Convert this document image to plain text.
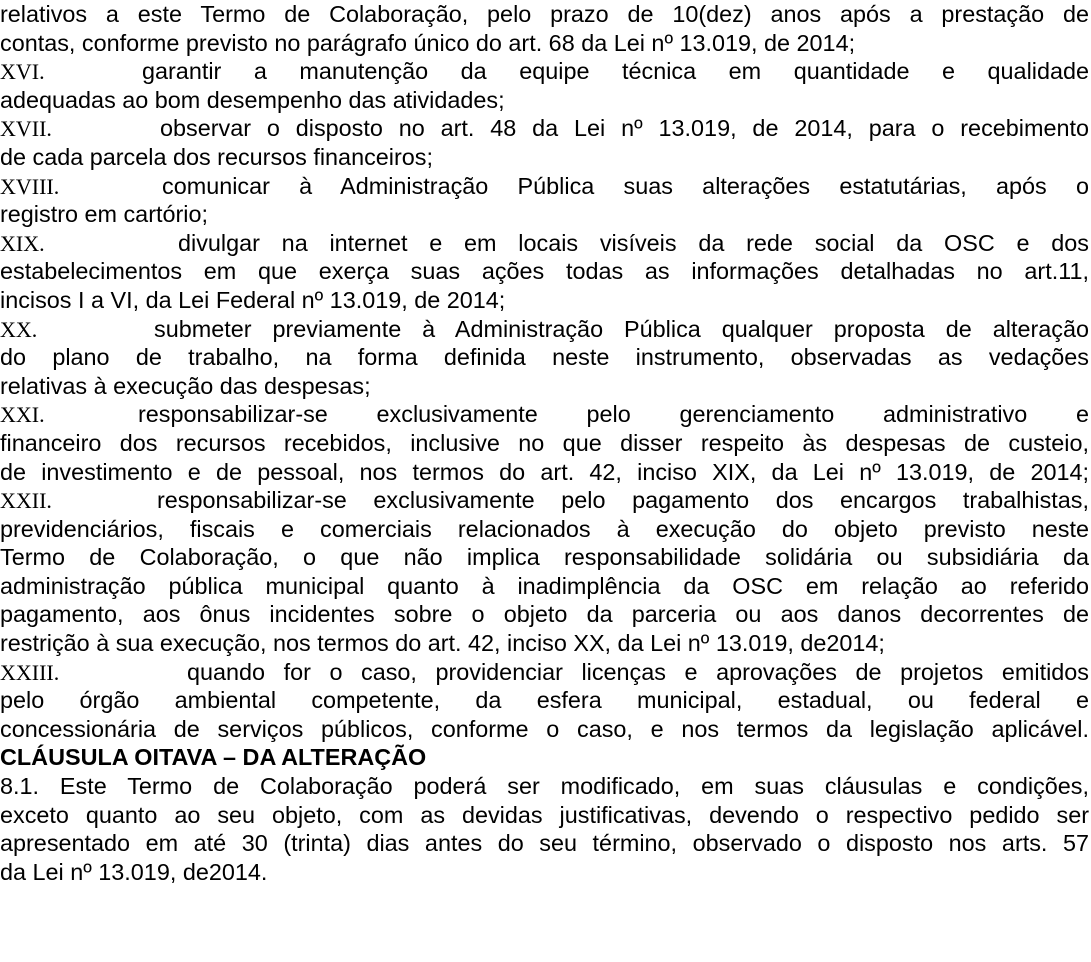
relativos a este Termo de Colaboração, pelo prazo de 10(dez) anos após a prestação de
contas, conforme previsto no parágrafo único do art. 68 da Lei nº 13.019, de 2014;
XVI.	garantir a manutenção da equipe técnica em quantidade e qualidade
adequadas ao bom desempenho das atividades;
XVII.	observar o disposto no art. 48 da Lei nº 13.019, de 2014, para o recebimento
de cada parcela dos recursos financeiros;
XVIII.	comunicar à Administração Pública suas alterações estatutárias, após o
registro em cartório;
XIX.	divulgar na internet e em locais visíveis da rede social da OSC e dos
estabelecimentos em que exerça suas ações todas as informações detalhadas no art.11,
incisos I a VI, da Lei Federal nº 13.019, de 2014;
XX.	submeter previamente à Administração Pública qualquer proposta de alteração
do plano de trabalho, na forma definida neste instrumento, observadas as vedações
relativas à execução das despesas;
XXI.	responsabilizar-se exclusivamente pelo gerenciamento administrativo e
financeiro dos recursos recebidos, inclusive no que disser respeito às despesas de custeio,
de investimento e de pessoal, nos termos do art. 42, inciso XIX, da Lei nº 13.019, de 2014;
XXII.	responsabilizar-se exclusivamente pelo pagamento dos encargos trabalhistas,
previdenciários, fiscais e comerciais relacionados à execução do objeto previsto neste
Termo de Colaboração, o que não implica responsabilidade solidária ou subsidiária da
administração pública municipal quanto à inadimplência da OSC em relação ao referido
pagamento, aos ônus incidentes sobre o objeto da parceria ou aos danos decorrentes de
restrição à sua execução, nos termos do art. 42, inciso XX, da Lei nº 13.019, de2014;
XXIII.	quando for o caso, providenciar licenças e aprovações de projetos emitidos
pelo órgão ambiental competente, da esfera municipal, estadual, ou federal e
concessionária de serviços públicos, conforme o caso, e nos termos da legislação aplicável.
CLÁUSULA OITAVA – DA ALTERAÇÃO
8.1. Este Termo de Colaboração poderá ser modificado, em suas cláusulas e condições,
exceto quanto ao seu objeto, com as devidas justificativas, devendo o respectivo pedido ser
apresentado em até 30 (trinta) dias antes do seu término, observado o disposto nos arts. 57
da Lei nº 13.019, de2014.
